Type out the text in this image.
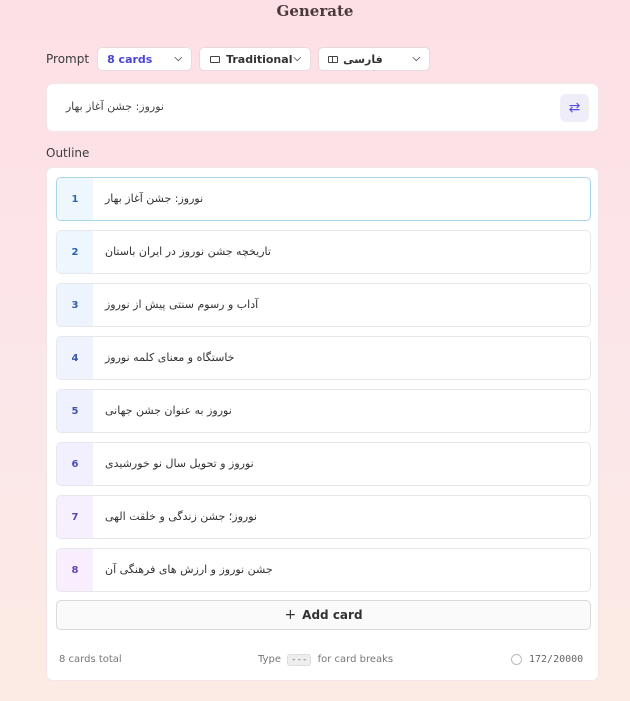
Generate
Prompt 8 cards ⌵	Traditional ⌵	فارسی	⌵
نوروز: جشن آغاز بهار	⇄
Outline
1	نوروز: جشن آغاز بهار
2	تاریخچه جشن نوروز در ایران باستان
3	آداب و رسوم سنتی پیش از نوروز
4	خاستگاه و معنای کلمه نوروز
5	نوروز به عنوان جشن جهانی
6	نوروز و تحویل سال نو خورشیدی
7	نوروز؛ جشن زندگی و خلقت الهی
8	جشن نوروز و ارزش های فرهنگی آن
+ Add card
8 cards total	Type --- for card breaks	172/20000
